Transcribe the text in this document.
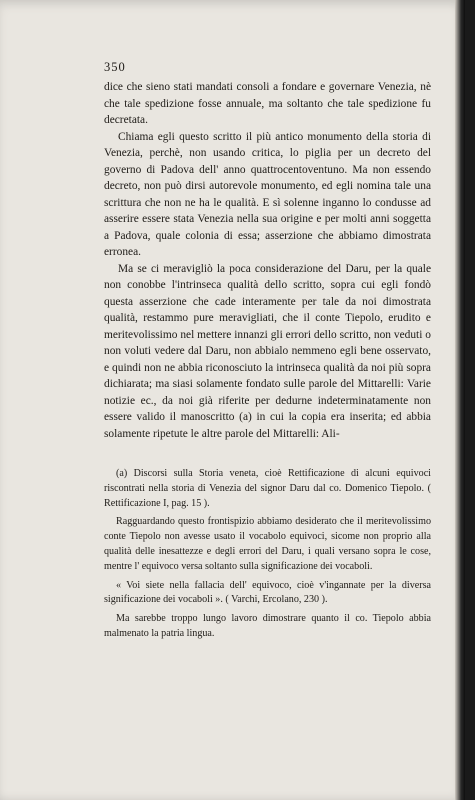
350

dice che sieno stati mandati consoli a fondare e governare Venezia, nè che tale spedizione fosse annuale, ma soltanto che tale spedizione fu decretata.

Chiama egli questo scritto il più antico monumento della storia di Venezia, perchè, non usando critica, lo piglia per un decreto del governo di Padova dell' anno quattrocentoventuno. Ma non essendo decreto, non può dirsi autorevole monumento, ed egli nomina tale una scrittura che non ne ha le qualità. E sì solenne inganno lo condusse ad asserire essere stata Venezia nella sua origine e per molti anni soggetta a Padova, quale colonia di essa; asserzione che abbiamo dimostrata erronea.

Ma se ci meravigliò la poca considerazione del Daru, per la quale non conobbe l'intrinseca qualità dello scritto, sopra cui egli fondò questa asserzione che cade interamente per tale da noi dimostrata qualità, restammo pure meravigliati, che il conte Tiepolo, erudito e meritevolissimo nel mettere innanzi gli errori dello scritto, non veduti o non voluti vedere dal Daru, non abbialo nemmeno egli bene osservato, e quindi non ne abbia riconosciuto la intrinseca qualità da noi più sopra dichiarata; ma siasi solamente fondato sulle parole del Mittarelli: Varie notizie ec., da noi già riferite per dedurne indeterminatamente non essere valido il manoscritto (a) in cui la copia era inserita; ed abbia solamente ripetute le altre parole del Mittarelli: Ali-

(a) Discorsi sulla Storia veneta, cioè Rettificazione di alcuni equivoci riscontrati nella storia di Venezia del signor Daru dal co. Domenico Tiepolo. ( Rettificazione I, pag. 15 ).

Ragguardando questo frontispizio abbiamo desiderato che il meritevolissimo conte Tiepolo non avesse usato il vocabolo equivoci, sicome non proprio alla qualità delle inesattezze e degli errori del Daru, i quali versano sopra le cose, mentre l' equivoco versa soltanto sulla significazione dei vocaboli.

« Voi siete nella fallacia dell' equivoco, cioè v'ingannate per la diversa significazione dei vocaboli ». ( Varchi, Ercolano, 230 ).

Ma sarebbe troppo lungo lavoro dimostrare quanto il co. Tiepolo abbia malmenato la patria lingua.
